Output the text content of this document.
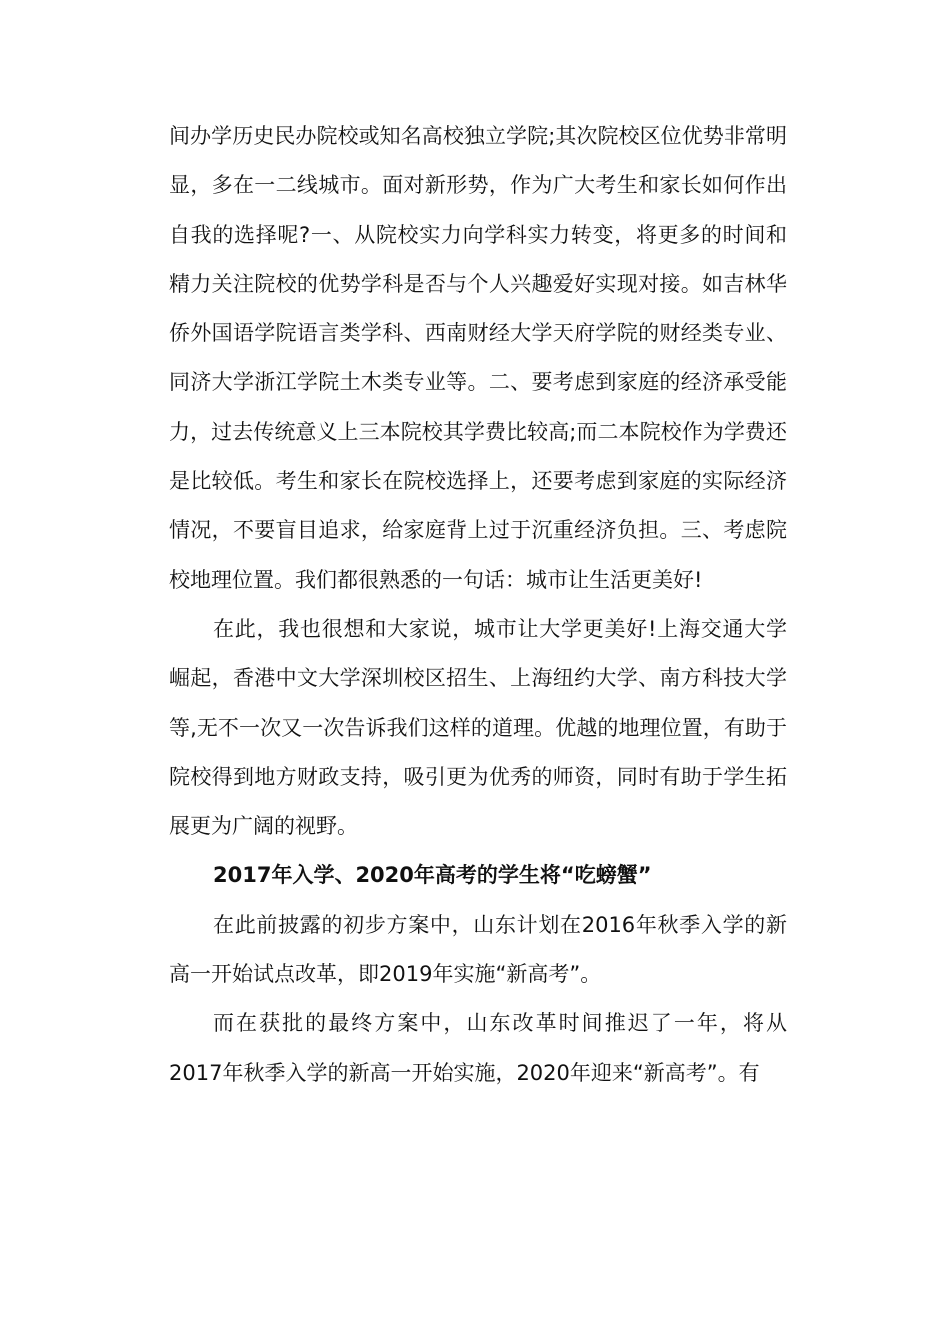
间办学历史民办院校或知名高校独立学院;其次院校区位优势非常明显，多在一二线城市。面对新形势，作为广大考生和家长如何作出自我的选择呢?一、从院校实力向学科实力转变，将更多的时间和精力关注院校的优势学科是否与个人兴趣爱好实现对接。如吉林华侨外国语学院语言类学科、西南财经大学天府学院的财经类专业、同济大学浙江学院土木类专业等。二、要考虑到家庭的经济承受能力，过去传统意义上三本院校其学费比较高;而二本院校作为学费还是比较低。考生和家长在院校选择上，还要考虑到家庭的实际经济情况，不要盲目追求，给家庭背上过于沉重经济负担。三、考虑院校地理位置。我们都很熟悉的一句话：城市让生活更美好!

在此，我也很想和大家说，城市让大学更美好!上海交通大学崛起，香港中文大学深圳校区招生、上海纽约大学、南方科技大学等,无不一次又一次告诉我们这样的道理。优越的地理位置，有助于院校得到地方财政支持，吸引更为优秀的师资，同时有助于学生拓展更为广阔的视野。

2017年入学、2020年高考的学生将“吃螃蟹”

在此前披露的初步方案中，山东计划在2016年秋季入学的新高一开始试点改革，即2019年实施“新高考”。

而在获批的最终方案中，山东改革时间推迟了一年，将从2017年秋季入学的新高一开始实施，2020年迎来“新高考”。有
